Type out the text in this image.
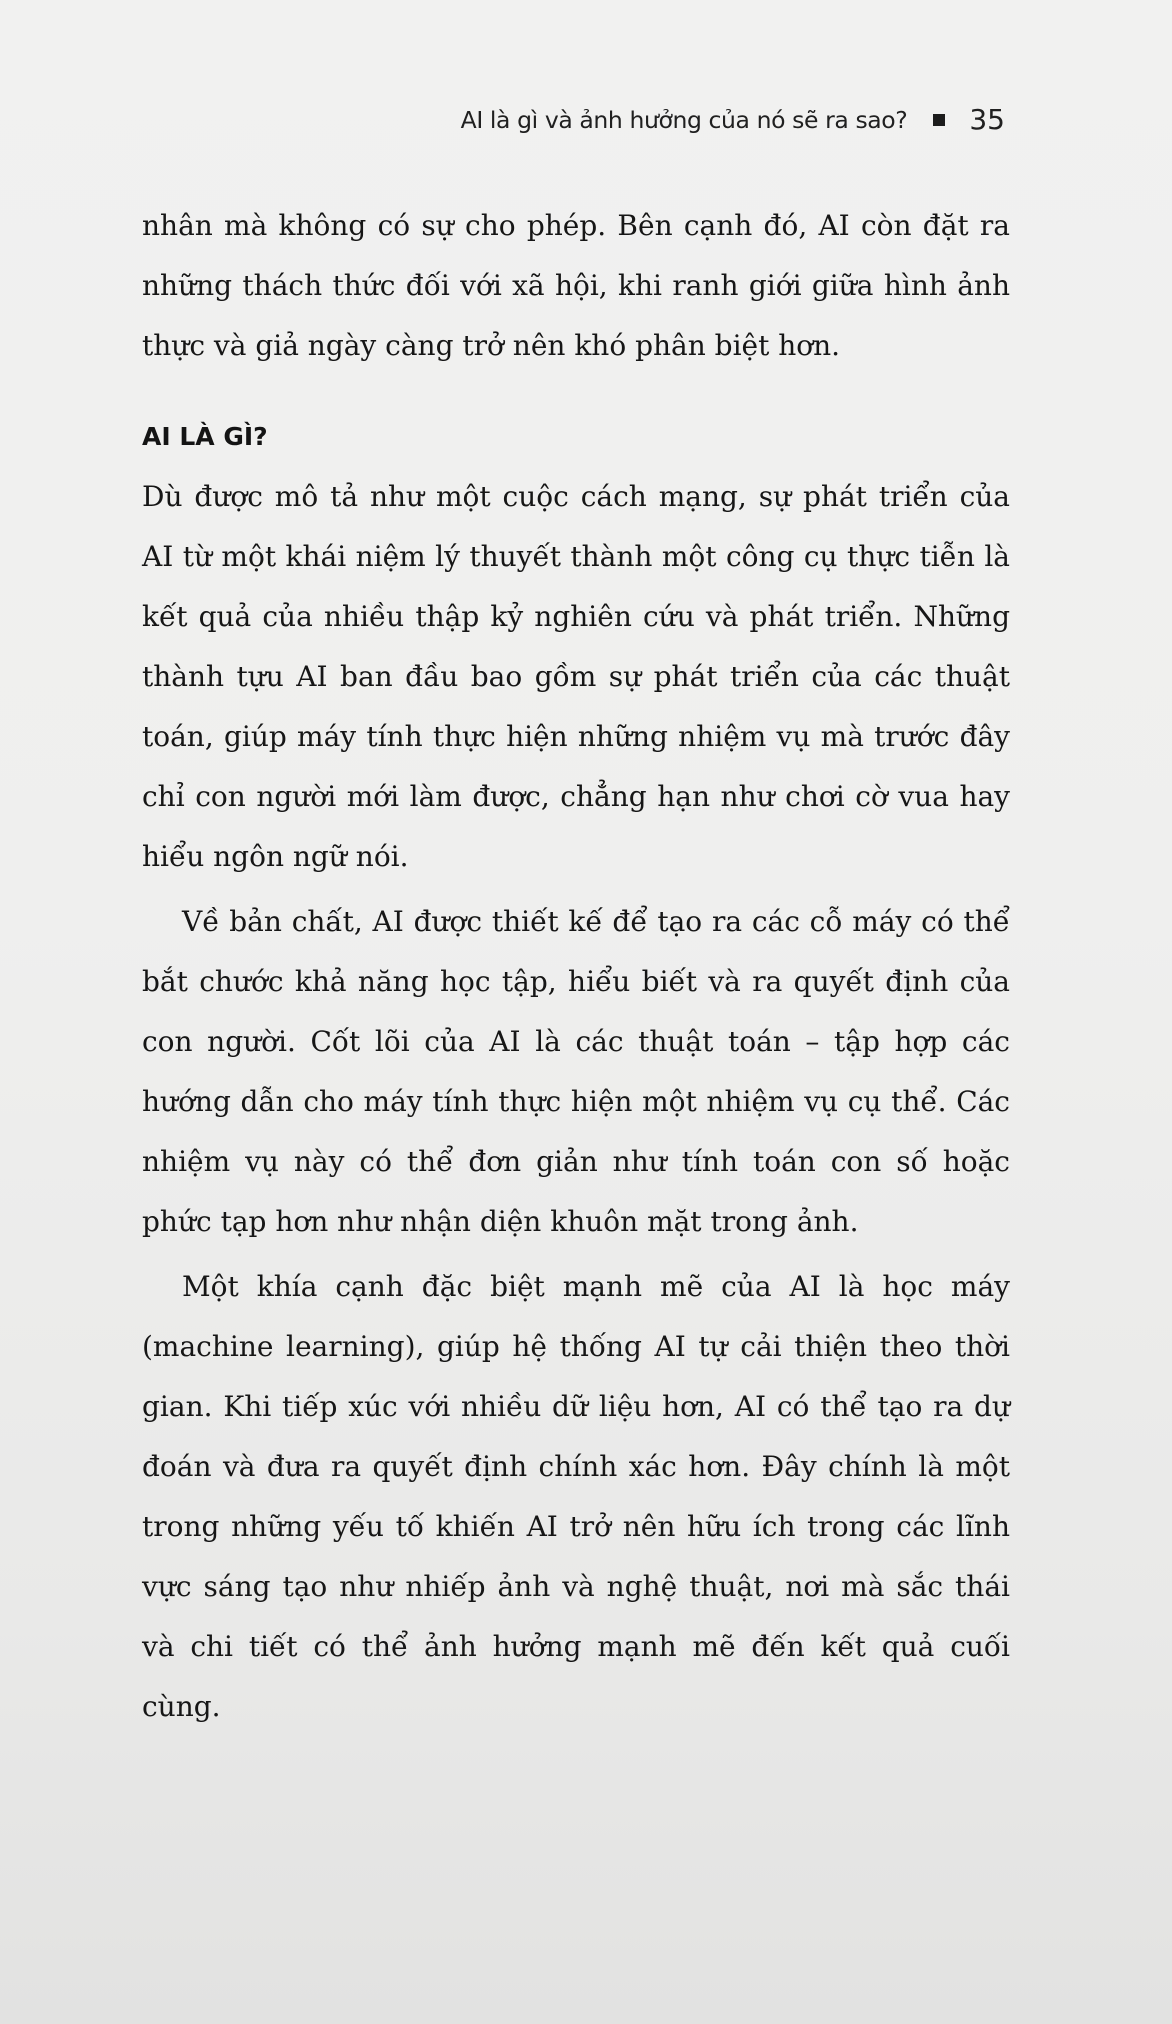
AI là gì và ảnh hưởng của nó sẽ ra sao? 35

nhân mà không có sự cho phép. Bên cạnh đó, AI còn đặt ra những thách thức đối với xã hội, khi ranh giới giữa hình ảnh thực và giả ngày càng trở nên khó phân biệt hơn.

AI LÀ GÌ?

Dù được mô tả như một cuộc cách mạng, sự phát triển của AI từ một khái niệm lý thuyết thành một công cụ thực tiễn là kết quả của nhiều thập kỷ nghiên cứu và phát triển. Những thành tựu AI ban đầu bao gồm sự phát triển của các thuật toán, giúp máy tính thực hiện những nhiệm vụ mà trước đây chỉ con người mới làm được, chẳng hạn như chơi cờ vua hay hiểu ngôn ngữ nói.

Về bản chất, AI được thiết kế để tạo ra các cỗ máy có thể bắt chước khả năng học tập, hiểu biết và ra quyết định của con người. Cốt lõi của AI là các thuật toán – tập hợp các hướng dẫn cho máy tính thực hiện một nhiệm vụ cụ thể. Các nhiệm vụ này có thể đơn giản như tính toán con số hoặc phức tạp hơn như nhận diện khuôn mặt trong ảnh.

Một khía cạnh đặc biệt mạnh mẽ của AI là học máy (machine learning), giúp hệ thống AI tự cải thiện theo thời gian. Khi tiếp xúc với nhiều dữ liệu hơn, AI có thể tạo ra dự đoán và đưa ra quyết định chính xác hơn. Đây chính là một trong những yếu tố khiến AI trở nên hữu ích trong các lĩnh vực sáng tạo như nhiếp ảnh và nghệ thuật, nơi mà sắc thái và chi tiết có thể ảnh hưởng mạnh mẽ đến kết quả cuối cùng.
